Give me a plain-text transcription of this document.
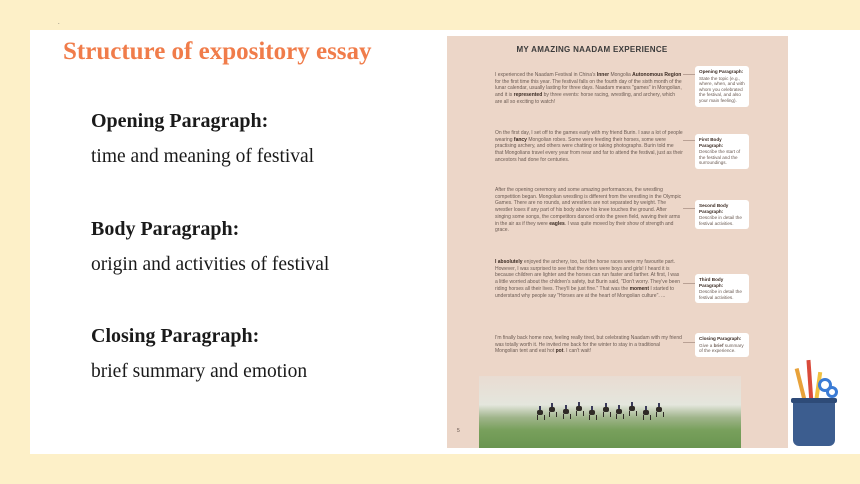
.
Structure of expository essay
Opening Paragraph:
time and meaning of festival
Body Paragraph:
origin and activities of festival
Closing Paragraph:
brief summary and emotion
MY AMAZING NAADAM EXPERIENCE
I experienced the Naadam Festival in China's Inner Mongolia Autonomous Region for the first time this year. The festival falls on the fourth day of the sixth month of the lunar calendar, usually lasting for three days. Naadam means "games" in Mongolian, and it is represented by three events: horse racing, wrestling, and archery, which are all so exciting to watch!
On the first day, I set off to the games early with my friend Burin. I saw a lot of people wearing fancy Mongolian robes. Some were feeding their horses, some were practising archery, and others were chatting or taking photographs. Burin told me that Mongolians travel every year from near and far to attend the festival, just as their ancestors had done for centuries.
After the opening ceremony and some amazing performances, the wrestling competition began. Mongolian wrestling is different from the wrestling in the Olympic Games. There are no rounds, and wrestlers are not separated by weight. The wrestler loses if any part of his body above his knee touches the ground. After singing some songs, the competitors danced onto the green field, waving their arms in the air as if they were eagles. I was quite moved by their show of strength and grace.
I absolutely enjoyed the archery, too, but the horse races were my favourite part. However, I was surprised to see that the riders were boys and girls! I heard it is because children are lighter and the horses can run faster and farther. At first, I was a little worried about the children's safety, but Burin said, "Don't worry. They've been riding horses all their lives. They'll be just fine." That was the moment I started to understand why people say "Horses are at the heart of Mongolian culture". ...
I'm finally back home now, feeling really tired, but celebrating Naadam with my friend was totally worth it. He invited me back for the winter to stay in a traditional Mongolian tent and eat hot pot. I can't wait!
Opening Paragraph:
State the topic (e.g., where, when, and with whom you celebrated the festival, and also your main feeling).
First Body Paragraph:
Describe the start of the festival and the surroundings.
Second Body Paragraph:
Describe in detail the festival activities.
Third Body Paragraph:
Describe in detail the festival activities.
Closing Paragraph:
Give a brief summary of the experience.
5
